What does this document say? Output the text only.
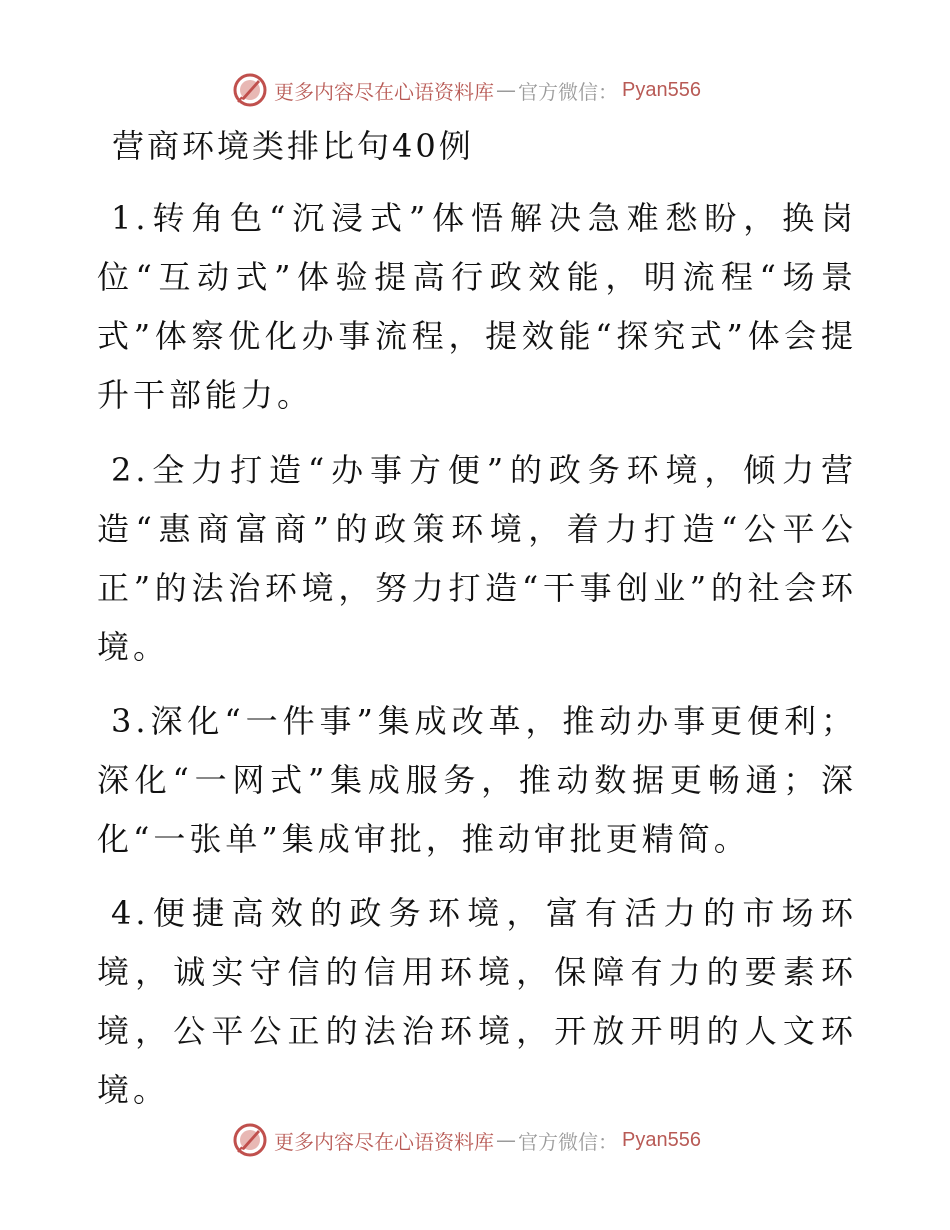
更多内容尽在心语资料库 — 官方微信： Pyan556
营商环境类排比句40例

1.转角色“沉浸式”体悟解决急难愁盼，换岗位“互动式”体验提高行政效能，明流程“场景式”体察优化办事流程，提效能“探究式”体会提升干部能力。

2.全力打造“办事方便”的政务环境，倾力营造“惠商富商”的政策环境，着力打造“公平公正”的法治环境，努力打造“干事创业”的社会环境。

3.深化“一件事”集成改革，推动办事更便利；深化“一网式”集成服务，推动数据更畅通；深化“一张单”集成审批，推动审批更精简。

4.便捷高效的政务环境，富有活力的市场环境，诚实守信的信用环境，保障有力的要素环境，公平公正的法治环境，开放开明的人文环境。

更多内容尽在心语资料库 — 官方微信： Pyan556
